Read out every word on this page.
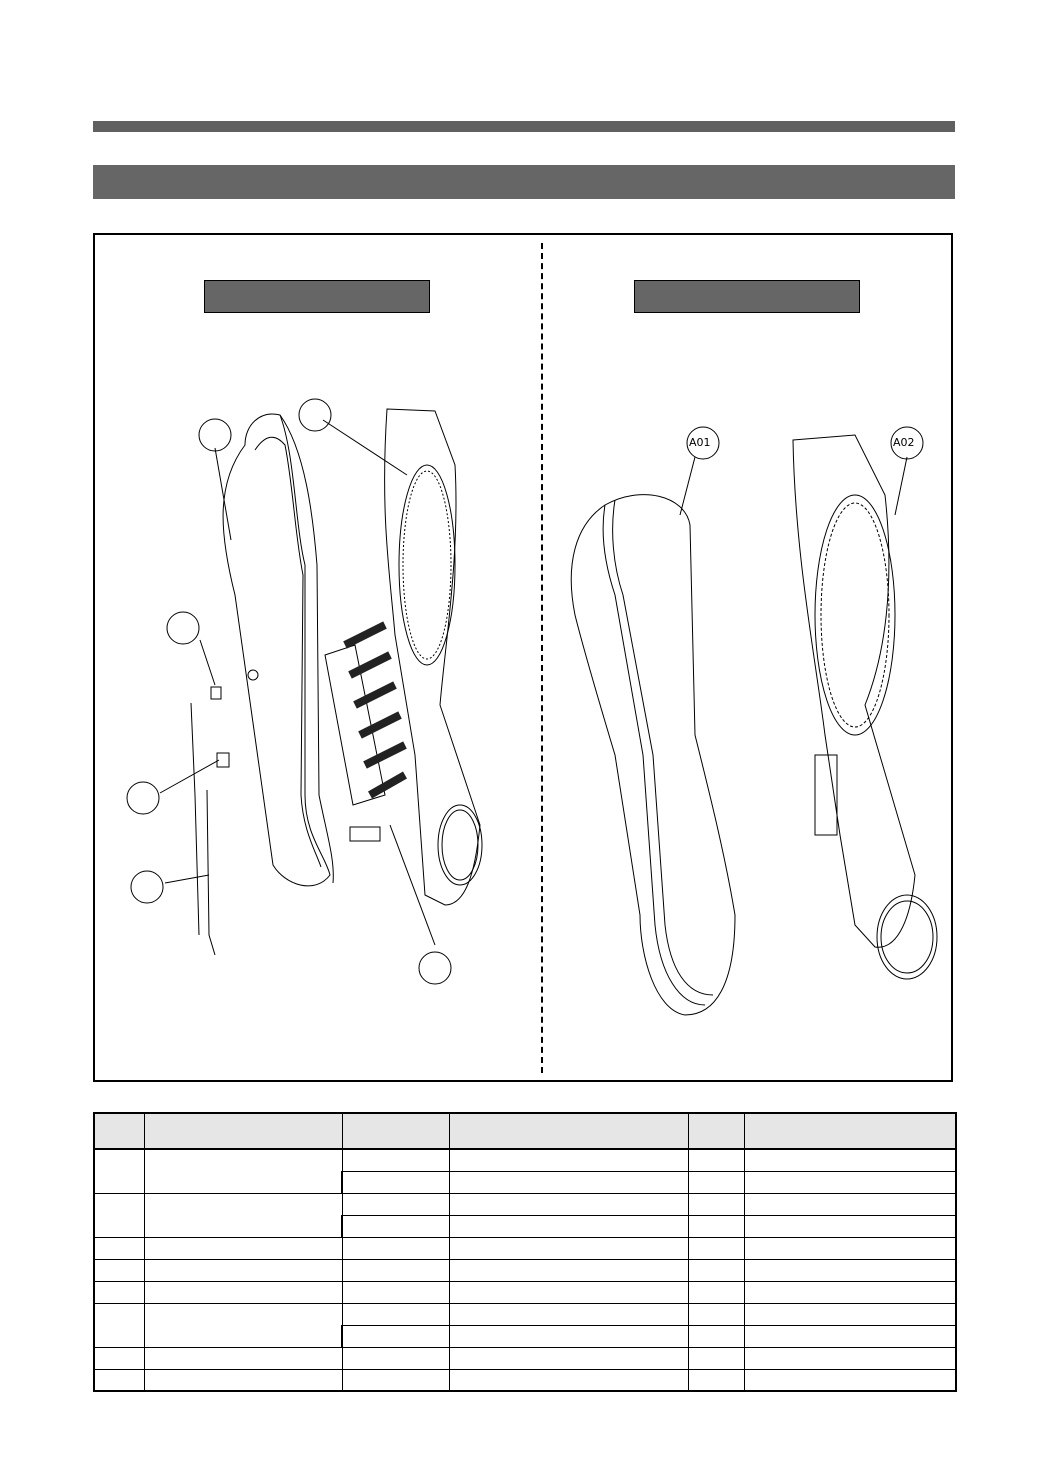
A01	A02
